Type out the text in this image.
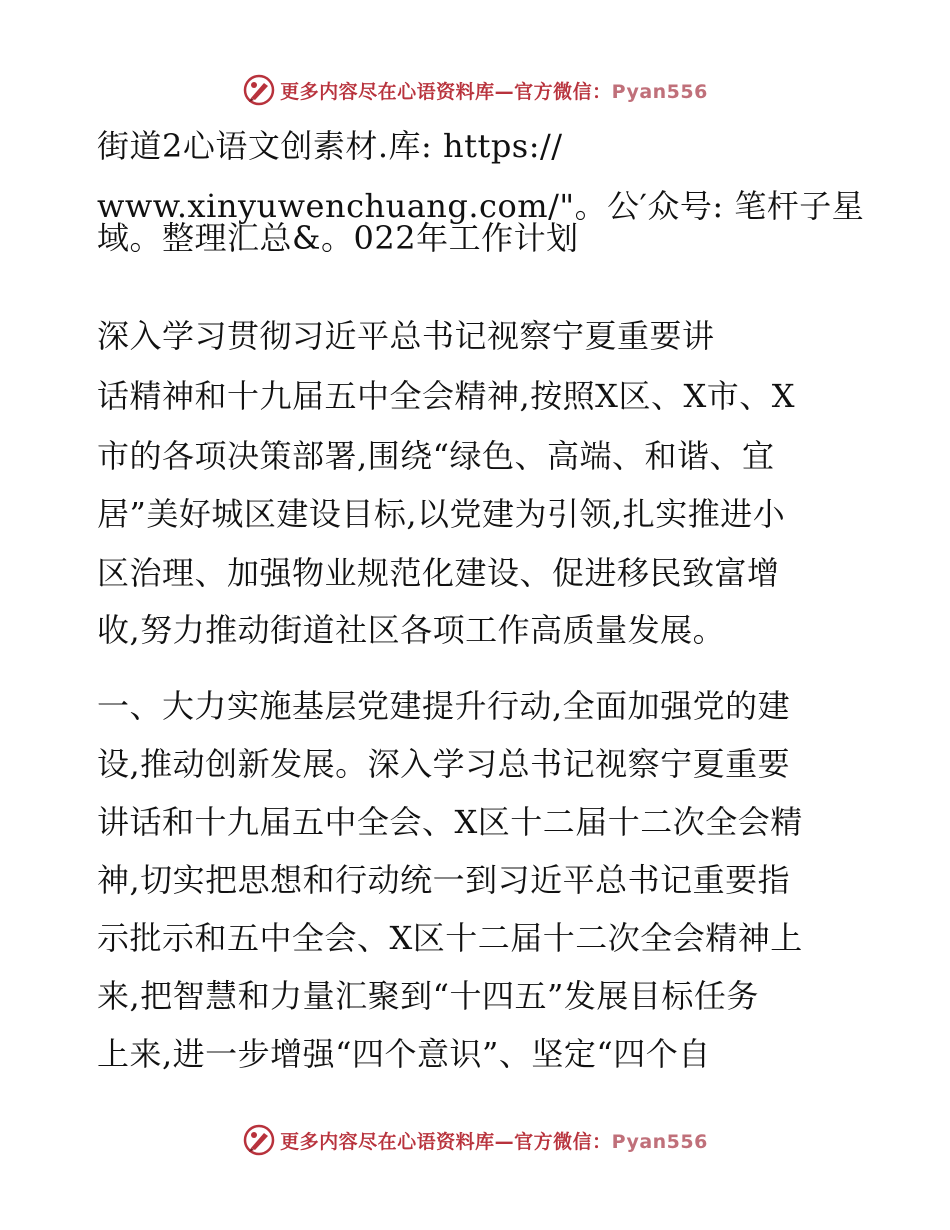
更多内容尽在心语资料库—官方微信：Pyan556

街道2心语文创素材.库: https://

www.xinyuwenchuang.com/"。公′众号: 笔杆子星

域。整理汇总&。022年工作计划

深入学习贯彻习近平总书记视察宁夏重要讲

话精神和十九届五中全会精神,按照X区、X市、X

市的各项决策部署,围绕“绿色、高端、和谐、宜

居”美好城区建设目标,以党建为引领,扎实推进小

区治理、加强物业规范化建设、促进移民致富增

收,努力推动街道社区各项工作高质量发展。

一、大力实施基层党建提升行动,全面加强党的建

设,推动创新发展。深入学习总书记视察宁夏重要

讲话和十九届五中全会、X区十二届十二次全会精

神,切实把思想和行动统一到习近平总书记重要指

示批示和五中全会、X区十二届十二次全会精神上

来,把智慧和力量汇聚到“十四五”发展目标任务

上来,进一步增强“四个意识”、坚定“四个自

更多内容尽在心语资料库—官方微信：Pyan556
